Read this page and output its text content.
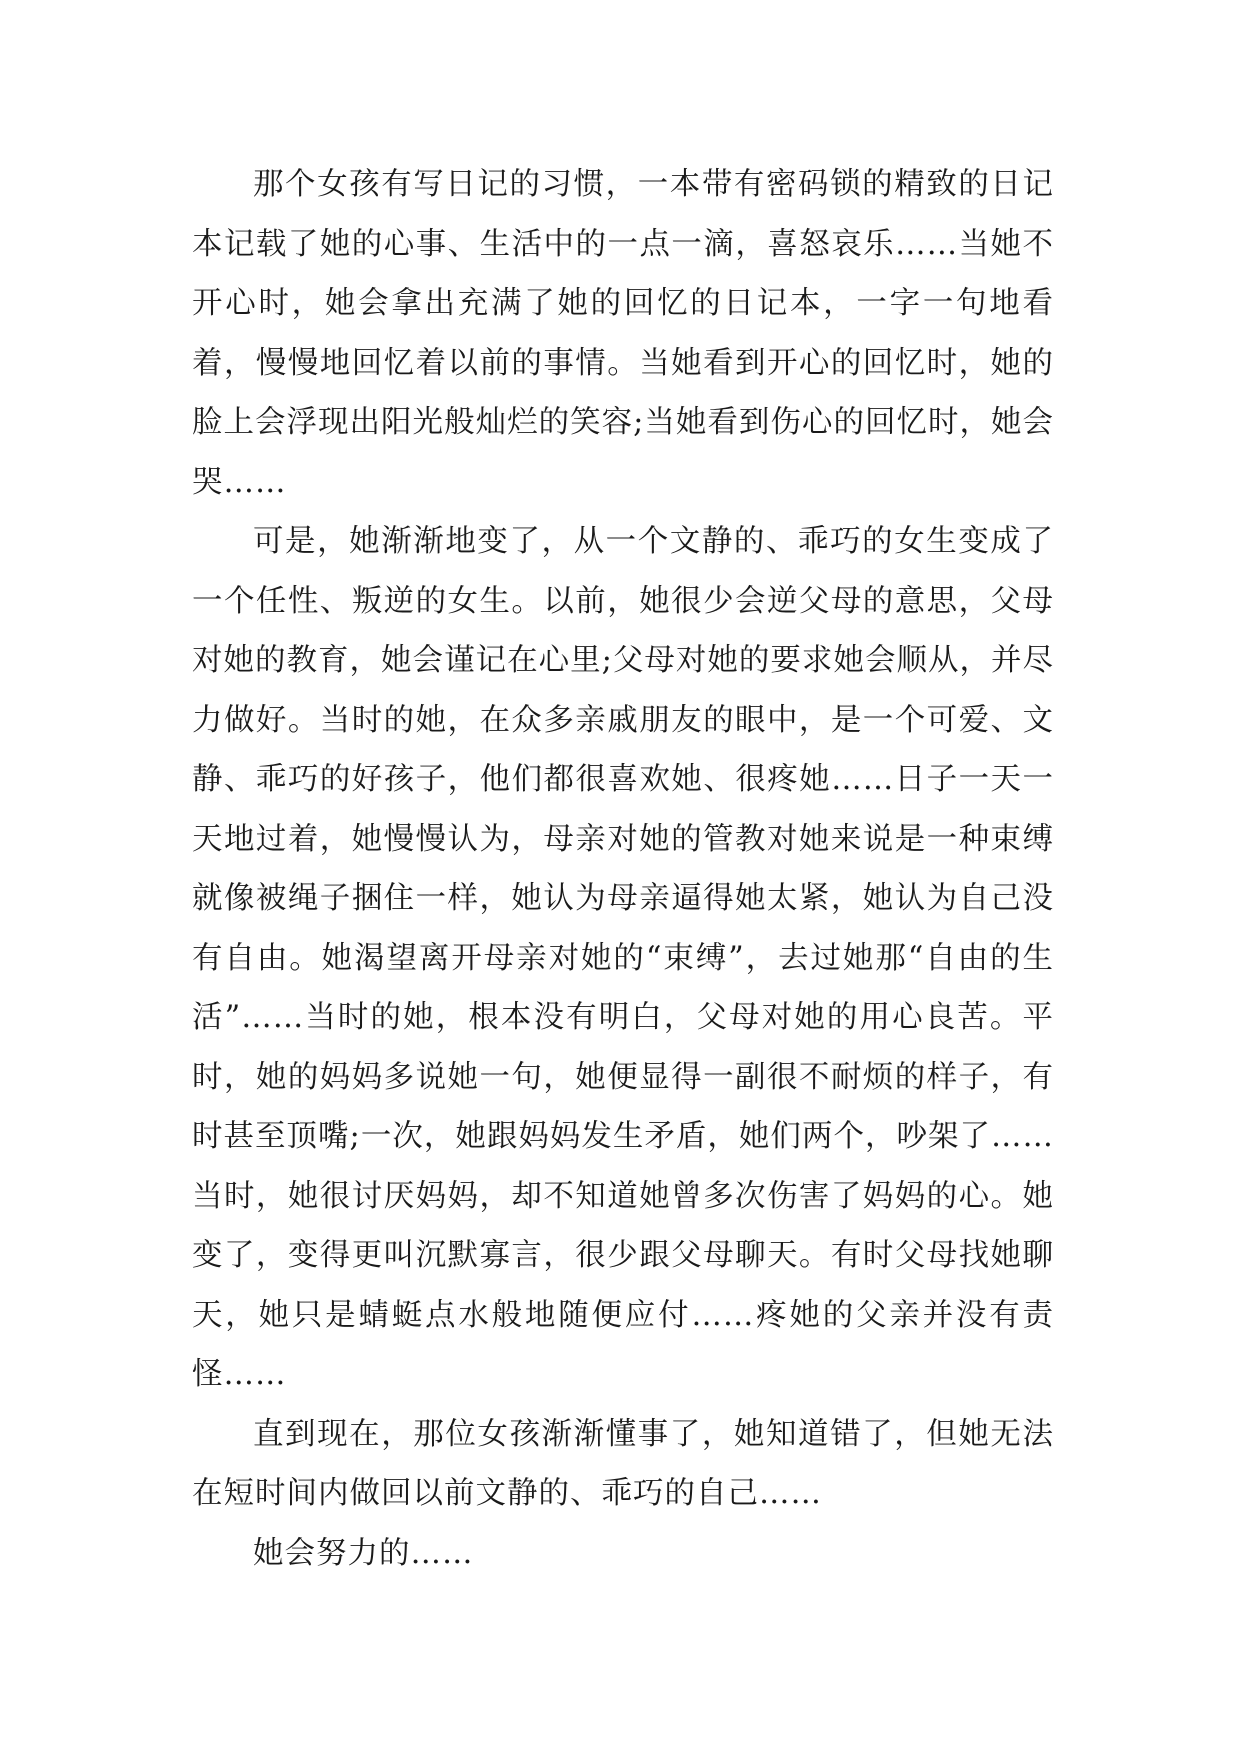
那个女孩有写日记的习惯，一本带有密码锁的精致的日记本记载了她的心事、生活中的一点一滴，喜怒哀乐……当她不开心时，她会拿出充满了她的回忆的日记本，一字一句地看着，慢慢地回忆着以前的事情。当她看到开心的回忆时，她的脸上会浮现出阳光般灿烂的笑容;当她看到伤心的回忆时，她会哭……

可是，她渐渐地变了，从一个文静的、乖巧的女生变成了一个任性、叛逆的女生。以前，她很少会逆父母的意思，父母对她的教育，她会谨记在心里;父母对她的要求她会顺从，并尽力做好。当时的她，在众多亲戚朋友的眼中，是一个可爱、文静、乖巧的好孩子，他们都很喜欢她、很疼她……日子一天一天地过着，她慢慢认为，母亲对她的管教对她来说是一种束缚就像被绳子捆住一样，她认为母亲逼得她太紧，她认为自己没有自由。她渴望离开母亲对她的“束缚”，去过她那“自由的生活”……当时的她，根本没有明白，父母对她的用心良苦。平时，她的妈妈多说她一句，她便显得一副很不耐烦的样子，有时甚至顶嘴;一次，她跟妈妈发生矛盾，她们两个，吵架了……当时，她很讨厌妈妈，却不知道她曾多次伤害了妈妈的心。她变了，变得更叫沉默寡言，很少跟父母聊天。有时父母找她聊天，她只是蜻蜓点水般地随便应付……疼她的父亲并没有责怪……

直到现在，那位女孩渐渐懂事了，她知道错了，但她无法在短时间内做回以前文静的、乖巧的自己……

她会努力的……
